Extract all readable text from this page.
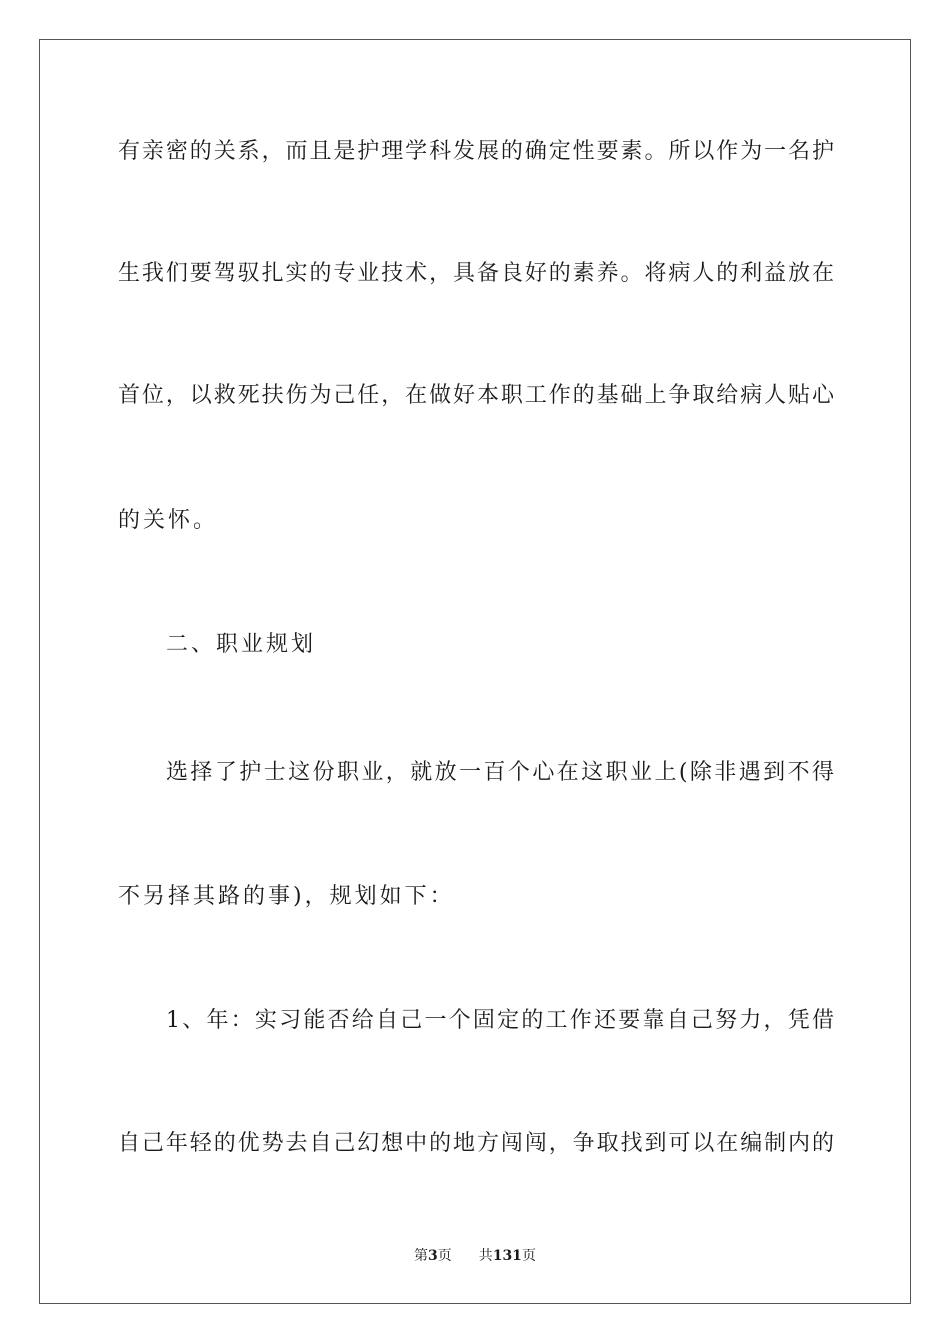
有亲密的关系，而且是护理学科发展的确定性要素。所以作为一名护
生我们要驾驭扎实的专业技术，具备良好的素养。将病人的利益放在
首位，以救死扶伤为己任，在做好本职工作的基础上争取给病人贴心
的关怀。
二、职业规划
选择了护士这份职业，就放一百个心在这职业上(除非遇到不得
不另择其路的事)，规划如下：
1、年：实习能否给自己一个固定的工作还要靠自己努力，凭借
自己年轻的优势去自己幻想中的地方闯闯，争取找到可以在编制内的
第3页 共131页
